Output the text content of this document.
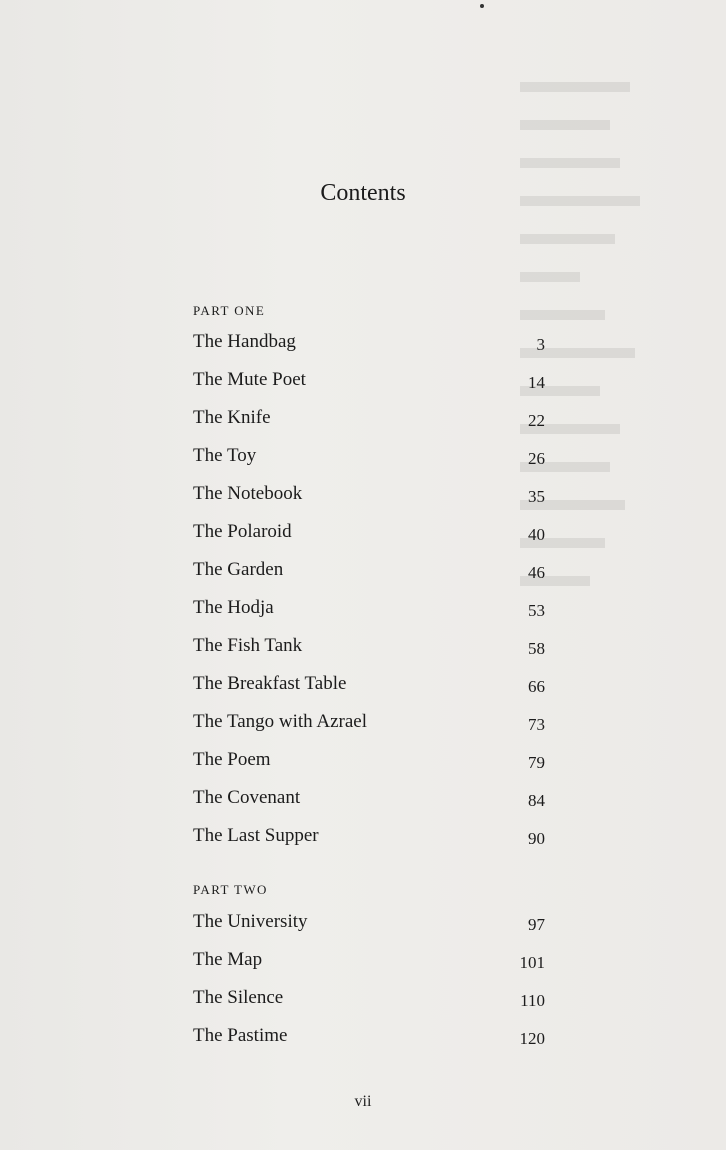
Contents
PART ONE
The Handbag	3
The Mute Poet	14
The Knife	22
The Toy	26
The Notebook	35
The Polaroid	40
The Garden	46
The Hodja	53
The Fish Tank	58
The Breakfast Table	66
The Tango with Azrael	73
The Poem	79
The Covenant	84
The Last Supper	90
PART TWO
The University	97
The Map	101
The Silence	110
The Pastime	120
vii
